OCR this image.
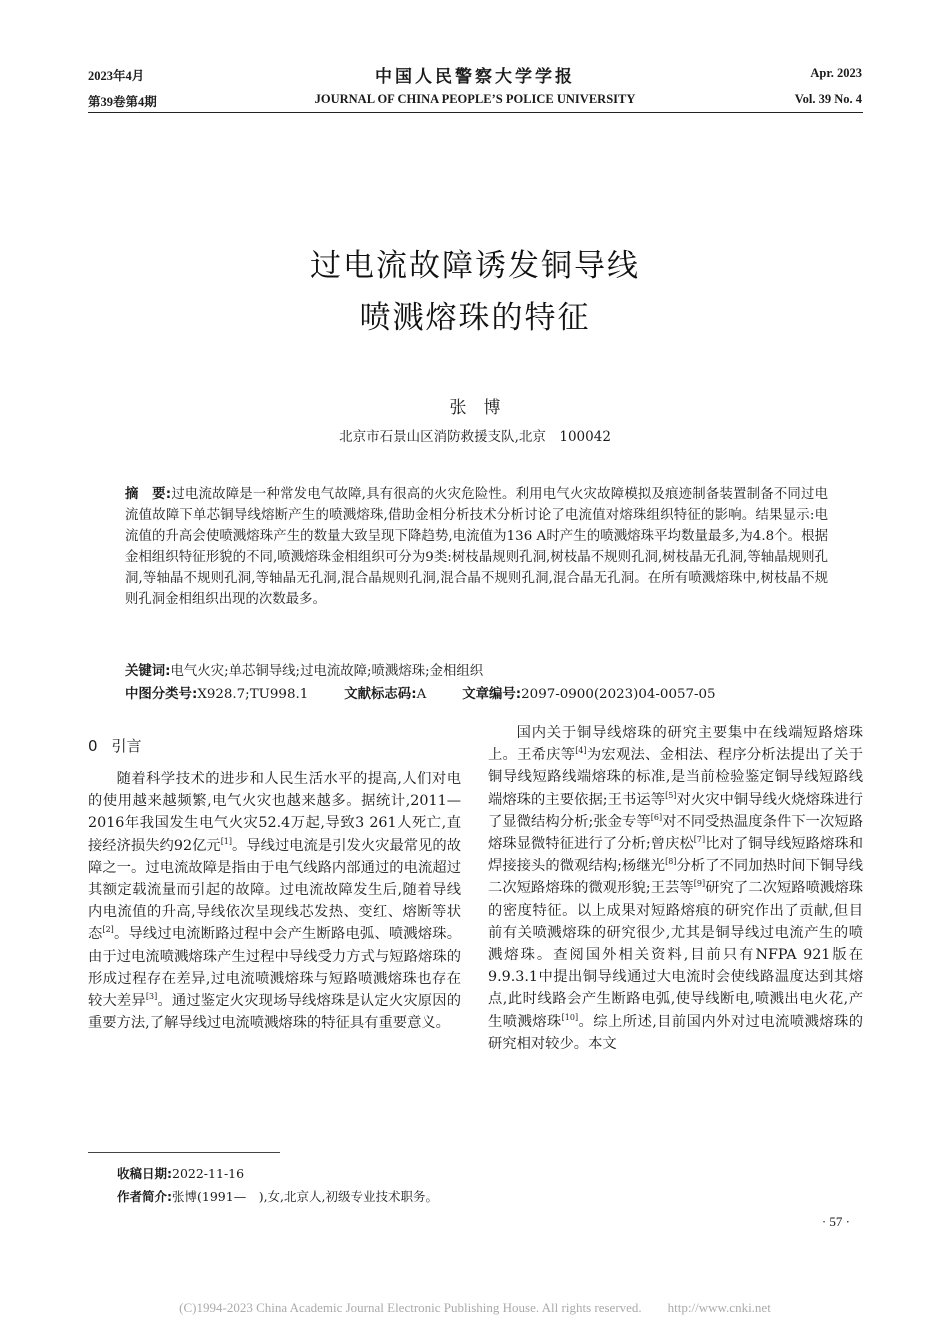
2023年4月
第39卷第4期
中国人民警察大学学报
JOURNAL OF CHINA PEOPLE’S POLICE UNIVERSITY
Apr. 2023
Vol. 39 No. 4
过电流故障诱发铜导线
喷溅熔珠的特征
张　博
北京市石景山区消防救援支队,北京　100042
摘　要:过电流故障是一种常发电气故障,具有很高的火灾危险性。利用电气火灾故障模拟及痕迹制备装置制备不同过电流值故障下单芯铜导线熔断产生的喷溅熔珠,借助金相分析技术分析讨论了电流值对熔珠组织特征的影响。结果显示:电流值的升高会使喷溅熔珠产生的数量大致呈现下降趋势,电流值为136 A时产生的喷溅熔珠平均数量最多,为4.8个。根据金相组织特征形貌的不同,喷溅熔珠金相组织可分为9类:树枝晶规则孔洞,树枝晶不规则孔洞,树枝晶无孔洞,等轴晶规则孔洞,等轴晶不规则孔洞,等轴晶无孔洞,混合晶规则孔洞,混合晶不规则孔洞,混合晶无孔洞。在所有喷溅熔珠中,树枝晶不规则孔洞金相组织出现的次数最多。
关键词:电气火灾;单芯铜导线;过电流故障;喷溅熔珠;金相组织
中图分类号:X928.7;TU998.1	文献标志码:A	文章编号:2097-0900(2023)04-0057-05
0 引言

随着科学技术的进步和人民生活水平的提高,人们对电的使用越来越频繁,电气火灾也越来越多。据统计,2011—2016年我国发生电气火灾52.4万起,导致3 261人死亡,直接经济损失约92亿元[1]。导线过电流是引发火灾最常见的故障之一。过电流故障是指由于电气线路内部通过的电流超过其额定载流量而引起的故障。过电流故障发生后,随着导线内电流值的升高,导线依次呈现线芯发热、变红、熔断等状态[2]。导线过电流断路过程中会产生断路电弧、喷溅熔珠。由于过电流喷溅熔珠产生过程中导线受力方式与短路熔珠的形成过程存在差异,过电流喷溅熔珠与短路喷溅熔珠也存在较大差异[3]。通过鉴定火灾现场导线熔珠是认定火灾原因的重要方法,了解导线过电流喷溅熔珠的特征具有重要意义。

国内关于铜导线熔珠的研究主要集中在线端短路熔珠上。王希庆等[4]为宏观法、金相法、程序分析法提出了关于铜导线短路线端熔珠的标准,是当前检验鉴定铜导线短路线端熔珠的主要依据;王书运等[5]对火灾中铜导线火烧熔珠进行了显微结构分析;张金专等[6]对不同受热温度条件下一次短路熔珠显微特征进行了分析;曾庆松[7]比对了铜导线短路熔珠和焊接接头的微观结构;杨继光[8]分析了不同加热时间下铜导线二次短路熔珠的微观形貌;王芸等[9]研究了二次短路喷溅熔珠的密度特征。以上成果对短路熔痕的研究作出了贡献,但目前有关喷溅熔珠的研究很少,尤其是铜导线过电流产生的喷溅熔珠。查阅国外相关资料,目前只有NFPA 921版在9.9.3.1中提出铜导线通过大电流时会使线路温度达到其熔点,此时线路会产生断路电弧,使导线断电,喷溅出电火花,产生喷溅熔珠[10]。综上所述,目前国内外对过电流喷溅熔珠的研究相对较少。本文

收稿日期:2022-11-16
作者简介:张博(1991—　),女,北京人,初级专业技术职务。
· 57 ·
(C)1994-2023 China Academic Journal Electronic Publishing House. All rights reserved.　　http://www.cnki.net
